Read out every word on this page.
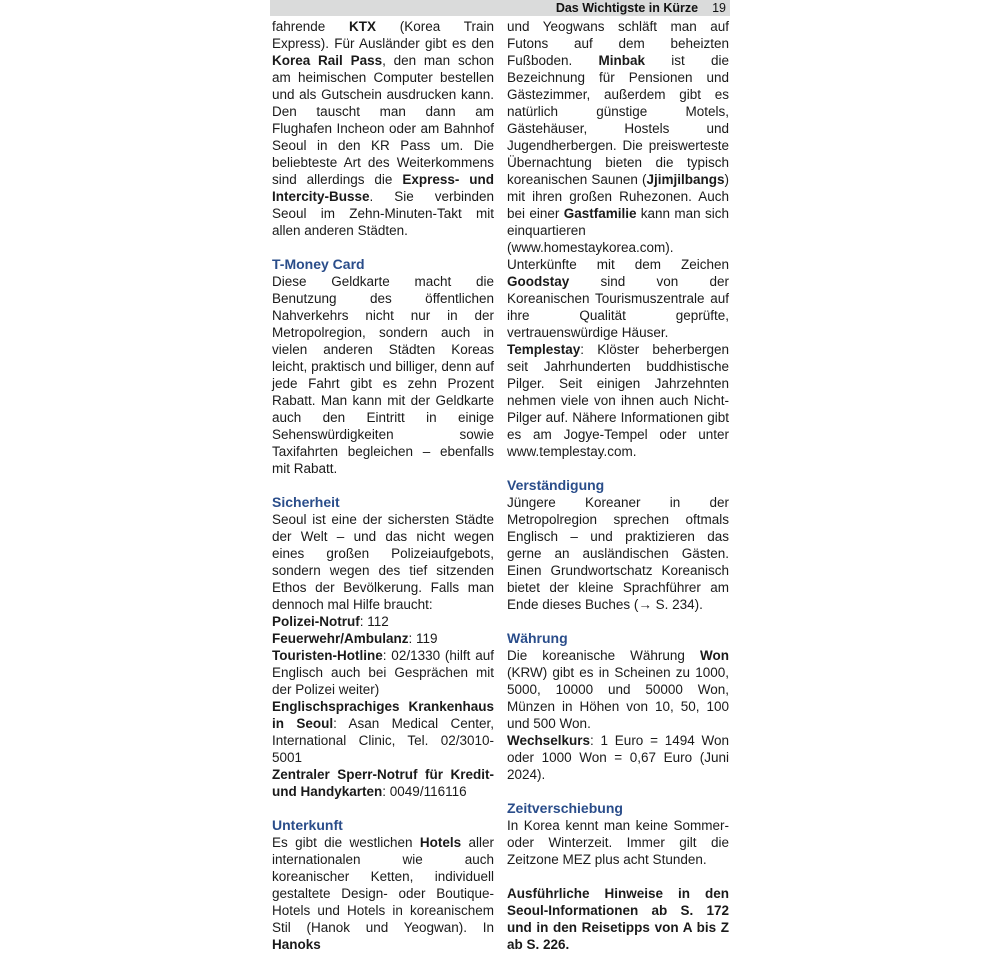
Das Wichtigste in Kürze 19

fahrende KTX (Korea Train Express). Für Ausländer gibt es den Korea Rail Pass, den man schon am heimischen Computer bestellen und als Gutschein ausdrucken kann. Den tauscht man dann am Flughafen Incheon oder am Bahnhof Seoul in den KR Pass um. Die beliebteste Art des Weiterkommens sind allerdings die Express- und Intercity-Busse. Sie verbinden Seoul im Zehn-Minuten-Takt mit allen anderen Städten.

T-Money Card

Diese Geldkarte macht die Benutzung des öffentlichen Nahverkehrs nicht nur in der Metropolregion, sondern auch in vielen anderen Städten Koreas leicht, praktisch und billiger, denn auf jede Fahrt gibt es zehn Prozent Rabatt. Man kann mit der Geldkarte auch den Eintritt in einige Sehenswürdigkeiten sowie Taxifahrten begleichen – ebenfalls mit Rabatt.

Sicherheit

Seoul ist eine der sichersten Städte der Welt – und das nicht wegen eines großen Polizeiaufgebots, sondern wegen des tief sitzenden Ethos der Bevölkerung. Falls man dennoch mal Hilfe braucht:

Polizei-Notruf: 112

Feuerwehr/Ambulanz: 119

Touristen-Hotline: 02/1330 (hilft auf Englisch auch bei Gesprächen mit der Polizei weiter)

Englischsprachiges Krankenhaus in Seoul: Asan Medical Center, International Clinic, Tel. 02/3010-5001

Zentraler Sperr-Notruf für Kredit- und Handykarten: 0049/116116

Unterkunft

Es gibt die westlichen Hotels aller internationalen wie auch koreanischer Ketten, individuell gestaltete Design- oder Boutique-Hotels und Hotels in koreanischem Stil (Hanok und Yeogwan). In Hanoks

und Yeogwans schläft man auf Futons auf dem beheizten Fußboden. Minbak ist die Bezeichnung für Pensionen und Gästezimmer, außerdem gibt es natürlich günstige Motels, Gästehäuser, Hostels und Jugendherbergen. Die preiswerteste Übernachtung bieten die typisch koreanischen Saunen (Jjimjilbangs) mit ihren großen Ruhezonen. Auch bei einer Gastfamilie kann man sich einquartieren (www.homestaykorea.com).

Unterkünfte mit dem Zeichen Goodstay sind von der Koreanischen Tourismuszentrale auf ihre Qualität geprüfte, vertrauenswürdige Häuser.

Templestay: Klöster beherbergen seit Jahrhunderten buddhistische Pilger. Seit einigen Jahrzehnten nehmen viele von ihnen auch Nicht-Pilger auf. Nähere Informationen gibt es am Jogye-Tempel oder unter www.templestay.com.

Verständigung

Jüngere Koreaner in der Metropolregion sprechen oftmals Englisch – und praktizieren das gerne an ausländischen Gästen. Einen Grundwortschatz Koreanisch bietet der kleine Sprachführer am Ende dieses Buches (→ S. 234).

Währung

Die koreanische Währung Won (KRW) gibt es in Scheinen zu 1000, 5000, 10000 und 50000 Won, Münzen in Höhen von 10, 50, 100 und 500 Won.

Wechselkurs: 1 Euro = 1494 Won oder 1000 Won = 0,67 Euro (Juni 2024).

Zeitverschiebung

In Korea kennt man keine Sommer- oder Winterzeit. Immer gilt die Zeitzone MEZ plus acht Stunden.

Ausführliche Hinweise in den Seoul-Informationen ab S. 172 und in den Reisetipps von A bis Z ab S. 226.
